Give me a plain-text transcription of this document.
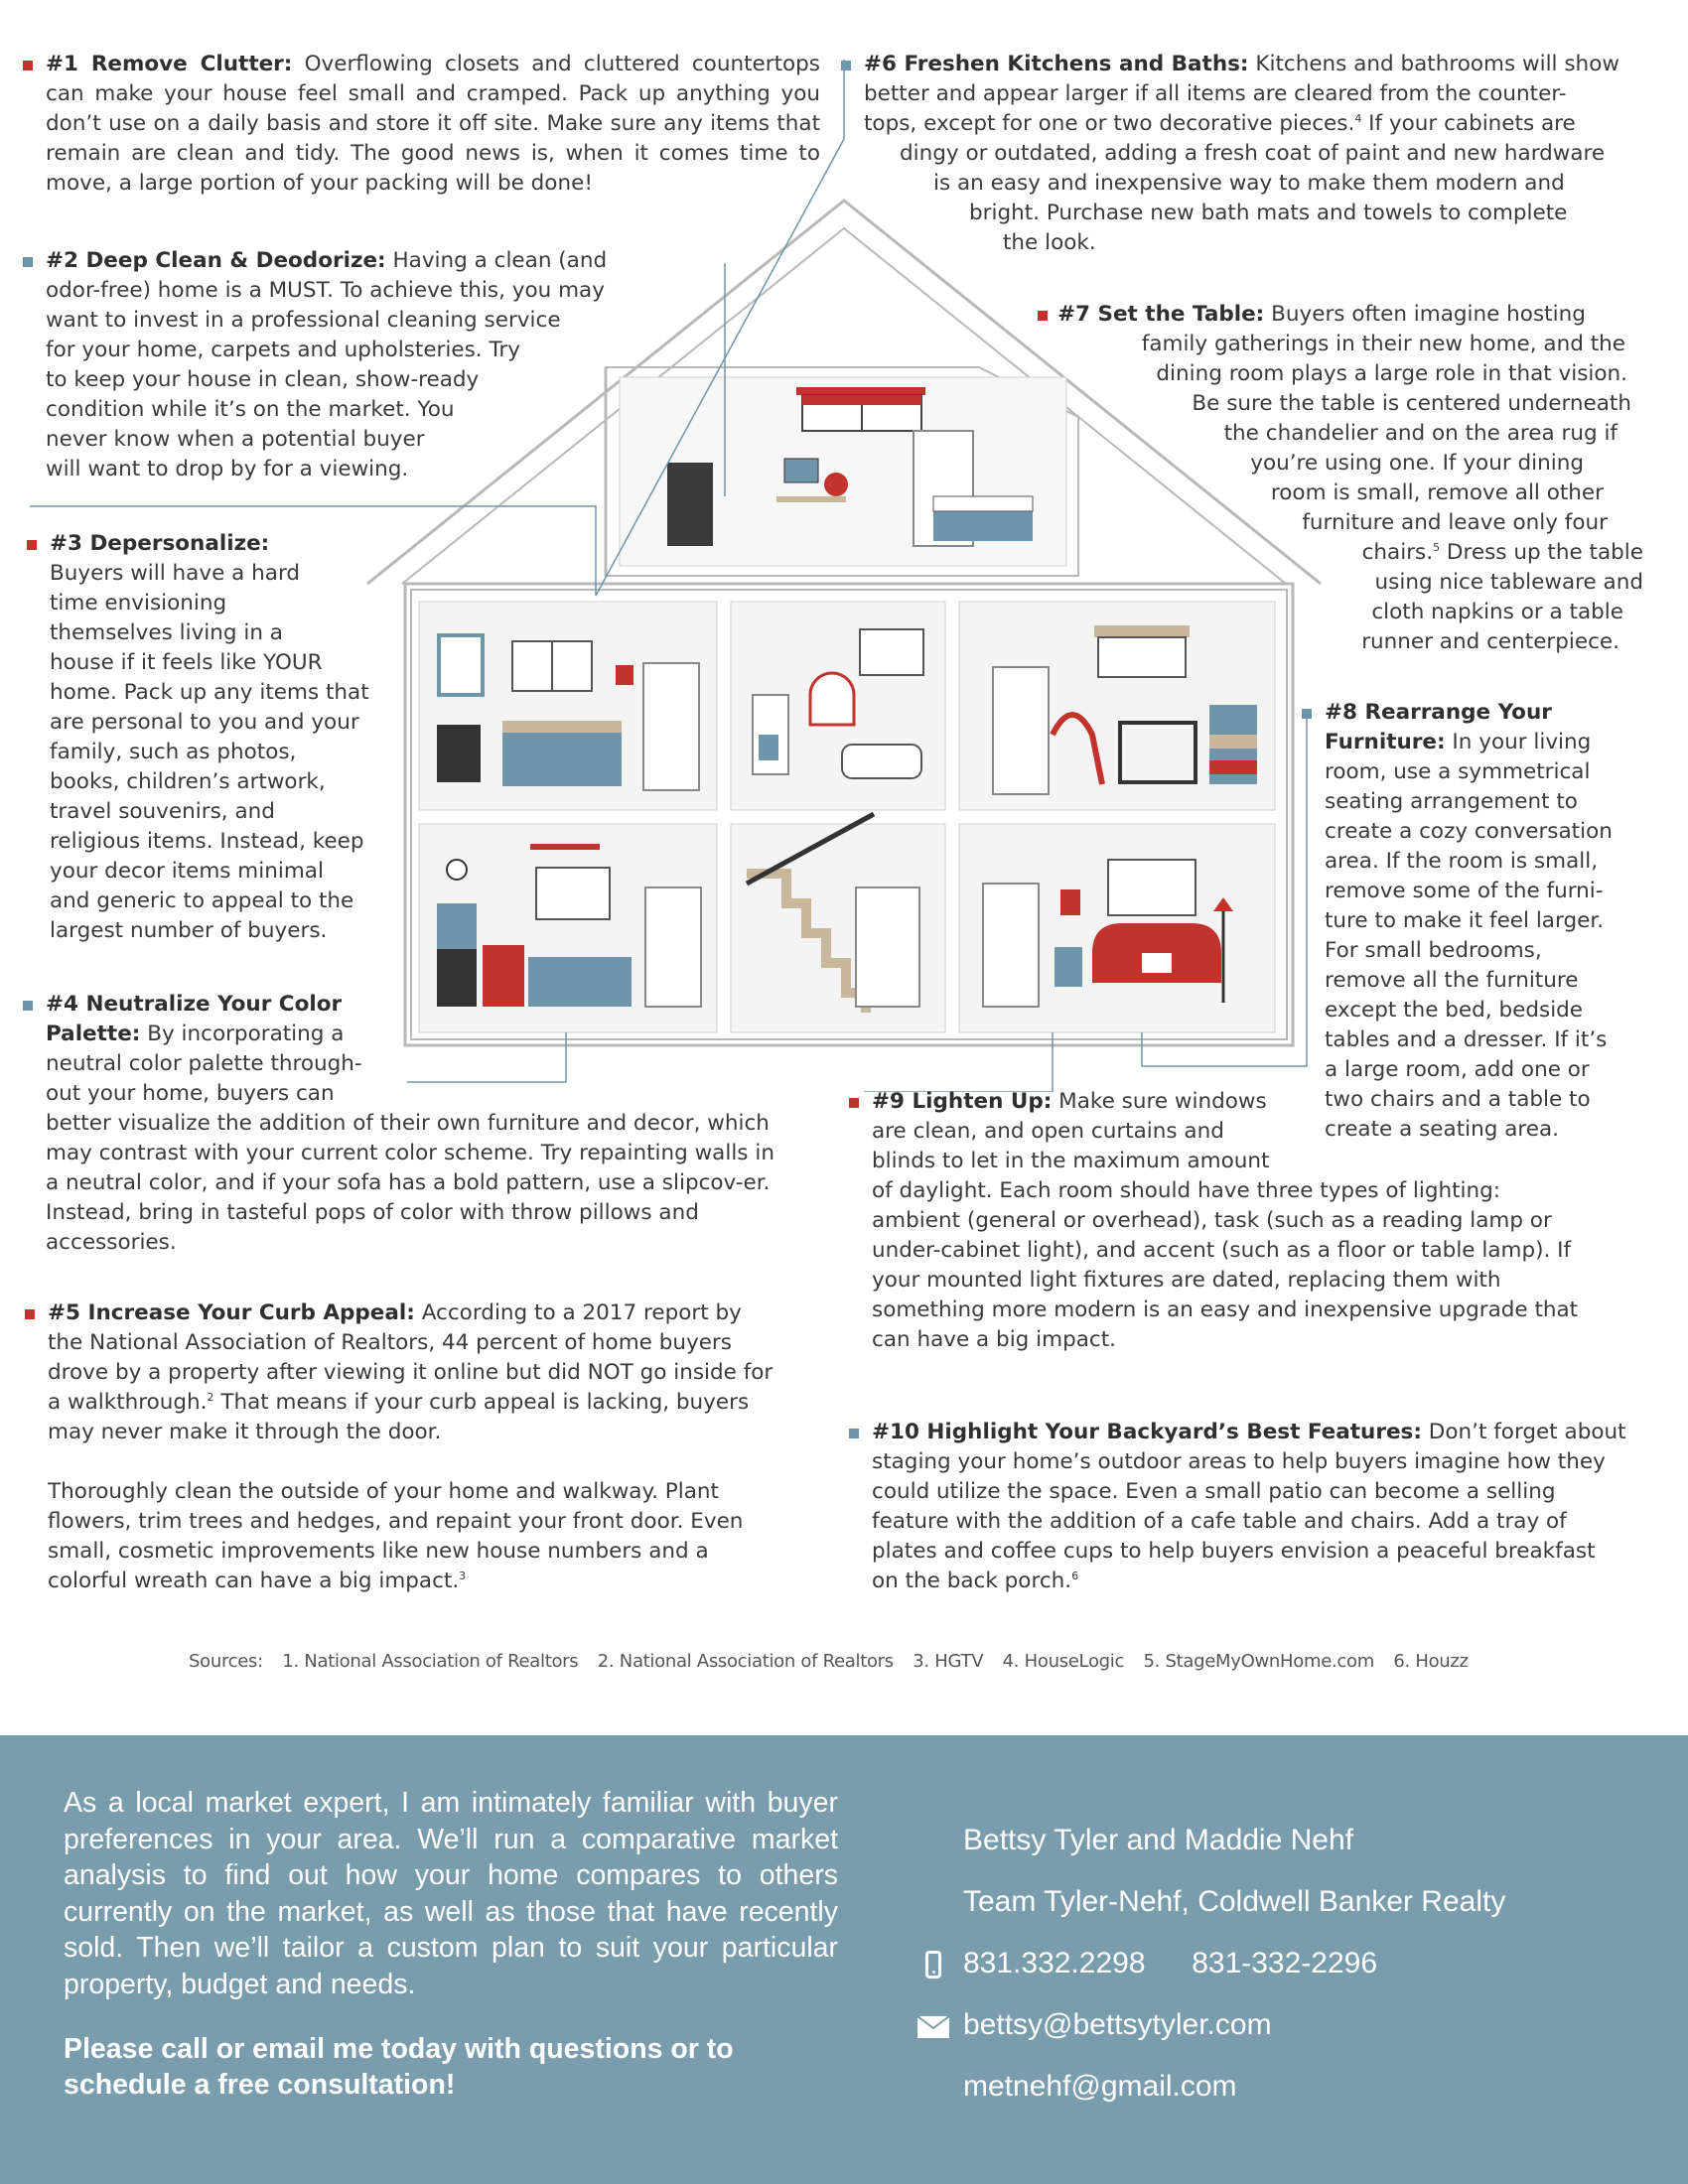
#1 Remove Clutter: Overflowing closets and cluttered countertops can make your house feel small and cramped. Pack up anything you don’t use on a daily basis and store it off site. Make sure any items that remain are clean and tidy. The good news is, when it comes time to move, a large portion of your packing will be done!

#2 Deep Clean & Deodorize: Having a clean (and

odor-free) home is a MUST. To achieve this, you may

want to invest in a professional cleaning service

for your home, carpets and upholsteries. Try

to keep your house in clean, show-ready

condition while it’s on the market. You

never know when a potential buyer

will want to drop by for a viewing.

#3 Depersonalize:

Buyers will have a hard

time envisioning

themselves living in a

house if it feels like YOUR

home. Pack up any items that

are personal to you and your

family, such as photos,

books, children’s artwork,

travel souvenirs, and

religious items. Instead, keep

your decor items minimal

and generic to appeal to the

largest number of buyers.

#4 Neutralize Your Color

Palette: By incorporating a

neutral color palette through-

out your home, buyers can

better visualize the addition of their own furniture and decor, which may contrast with your current color scheme. Try repainting walls in a neutral color, and if your sofa has a bold pattern, use a slipcov-er. Instead, bring in tasteful pops of color with throw pillows and accessories.

#5 Increase Your Curb Appeal: According to a 2017 report by the National Association of Realtors, 44 percent of home buyers drove by a property after viewing it online but did NOT go inside for a walkthrough.$^2$ That means if your curb appeal is lacking, buyers may never make it through the door.

Thoroughly clean the outside of your home and walkway. Plant flowers, trim trees and hedges, and repaint your front door. Even small, cosmetic improvements like new house numbers and a colorful wreath can have a big impact.$^3$

#6 Freshen Kitchens and Baths: Kitchens and bathrooms will show

better and appear larger if all items are cleared from the counter-

tops, except for one or two decorative pieces.$^4$ If your cabinets are

dingy or outdated, adding a fresh coat of paint and new hardware

is an easy and inexpensive way to make them modern and

bright. Purchase new bath mats and towels to complete

the look.

#7 Set the Table: Buyers often imagine hosting

family gatherings in their new home, and the

dining room plays a large role in that vision.

Be sure the table is centered underneath

the chandelier and on the area rug if

you’re using one. If your dining

room is small, remove all other

furniture and leave only four

chairs.$^5$ Dress up the table

using nice tableware and

cloth napkins or a table

runner and centerpiece.

#8 Rearrange Your

Furniture: In your living

room, use a symmetrical

seating arrangement to

create a cozy conversation

area. If the room is small,

remove some of the furni-

ture to make it feel larger.

For small bedrooms,

remove all the furniture

except the bed, bedside

tables and a dresser. If it’s

a large room, add one or

two chairs and a table to

create a seating area.

#9 Lighten Up: Make sure windows

are clean, and open curtains and

blinds to let in the maximum amount

of daylight. Each room should have three types of lighting: ambient (general or overhead), task (such as a reading lamp or under-cabinet light), and accent (such as a floor or table lamp). If your mounted light fixtures are dated, replacing them with something more modern is an easy and inexpensive upgrade that can have a big impact.

#10 Highlight Your Backyard’s Best Features: Don’t forget about staging your home’s outdoor areas to help buyers imagine how they could utilize the space. Even a small patio can become a selling feature with the addition of a cafe table and chairs. Add a tray of plates and coffee cups to help buyers envision a peaceful breakfast on the back porch.$^6$

Sources: 1. National Association of Realtors 2. National Association of Realtors 3. HGTV 4. HouseLogic 5. StageMyOwnHome.com 6. Houzz
As a local market expert, I am intimately familiar with buyer preferences in your area. We’ll run a comparative market analysis to find out how your home compares to others currently on the market, as well as those that have recently sold. Then we’ll tailor a custom plan to suit your particular property, budget and needs.
Please call or email me today with questions or to schedule a free consultation!
Bettsy Tyler and Maddie Nehf
Team Tyler-Nehf, Coldwell Banker Realty
831.332.2298 831-332-2296
bettsy@bettsytyler.com
metnehf@gmail.com
